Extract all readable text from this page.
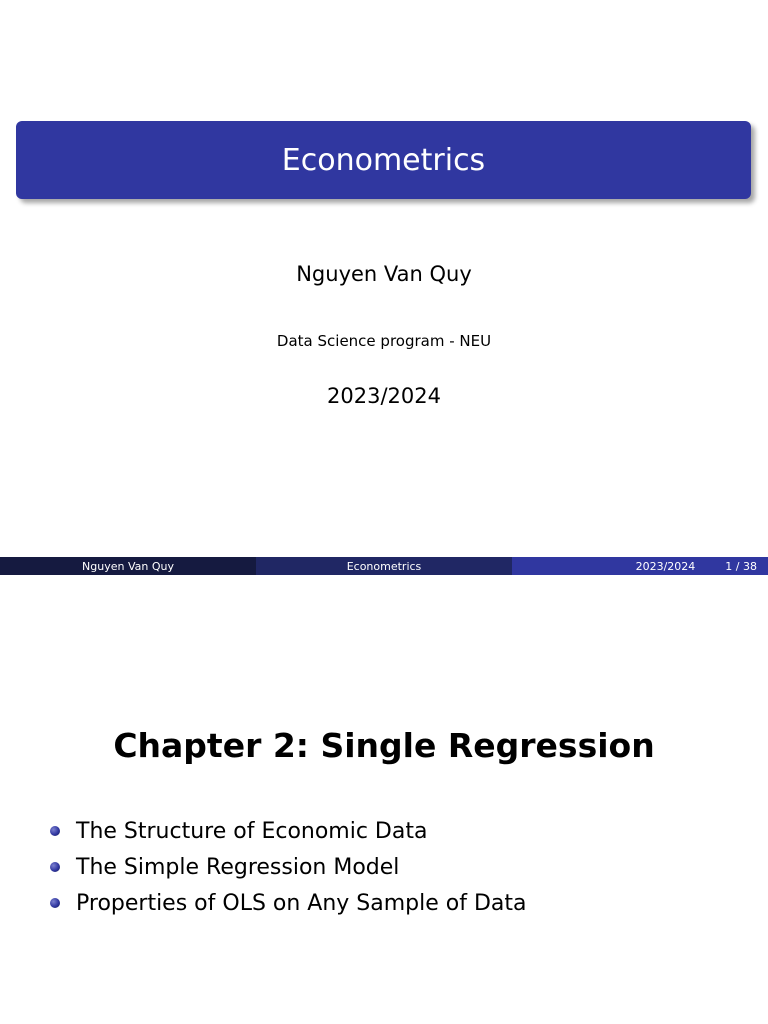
Econometrics
Nguyen Van Quy
Data Science program - NEU
2023/2024
Nguyen Van Quy	Econometrics	2023/2024	1 / 38
Chapter 2: Single Regression
The Structure of Economic Data
The Simple Regression Model
Properties of OLS on Any Sample of Data
